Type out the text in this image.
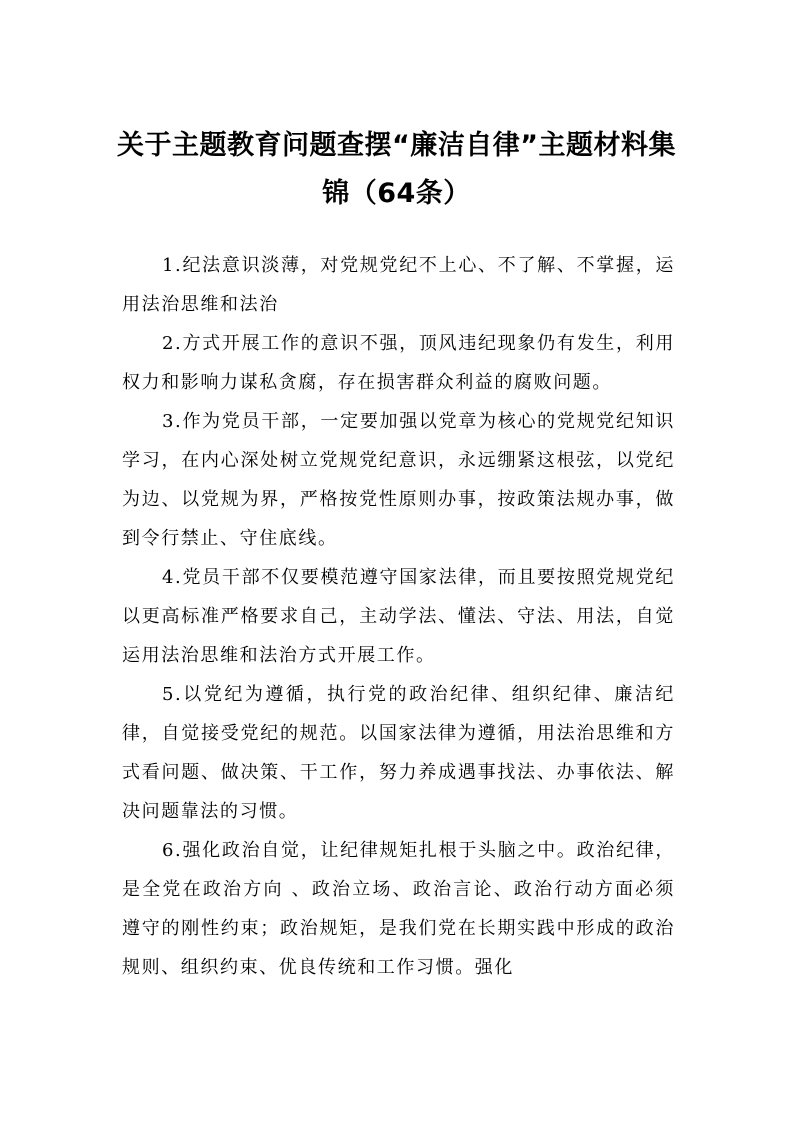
关于主题教育问题查摆“廉洁自律”主题材料集锦（64条）

1.纪法意识淡薄，对党规党纪不上心、不了解、不掌握，运用法治思维和法治

2.方式开展工作的意识不强，顶风违纪现象仍有发生，利用权力和影响力谋私贪腐，存在损害群众利益的腐败问题。

3.作为党员干部，一定要加强以党章为核心的党规党纪知识学习，在内心深处树立党规党纪意识，永远绷紧这根弦，以党纪为边、以党规为界，严格按党性原则办事，按政策法规办事，做到令行禁止、守住底线。

4.党员干部不仅要模范遵守国家法律，而且要按照党规党纪以更高标准严格要求自己，主动学法、懂法、守法、用法，自觉运用法治思维和法治方式开展工作。

5.以党纪为遵循，执行党的政治纪律、组织纪律、廉洁纪律，自觉接受党纪的规范。以国家法律为遵循，用法治思维和方式看问题、做决策、干工作，努力养成遇事找法、办事依法、解决问题靠法的习惯。

6.强化政治自觉，让纪律规矩扎根于头脑之中。政治纪律，是全党在政治方向 、政治立场、政治言论、政治行动方面必须遵守的刚性约束；政治规矩，是我们党在长期实践中形成的政治规则、组织约束、优良传统和工作习惯。强化
